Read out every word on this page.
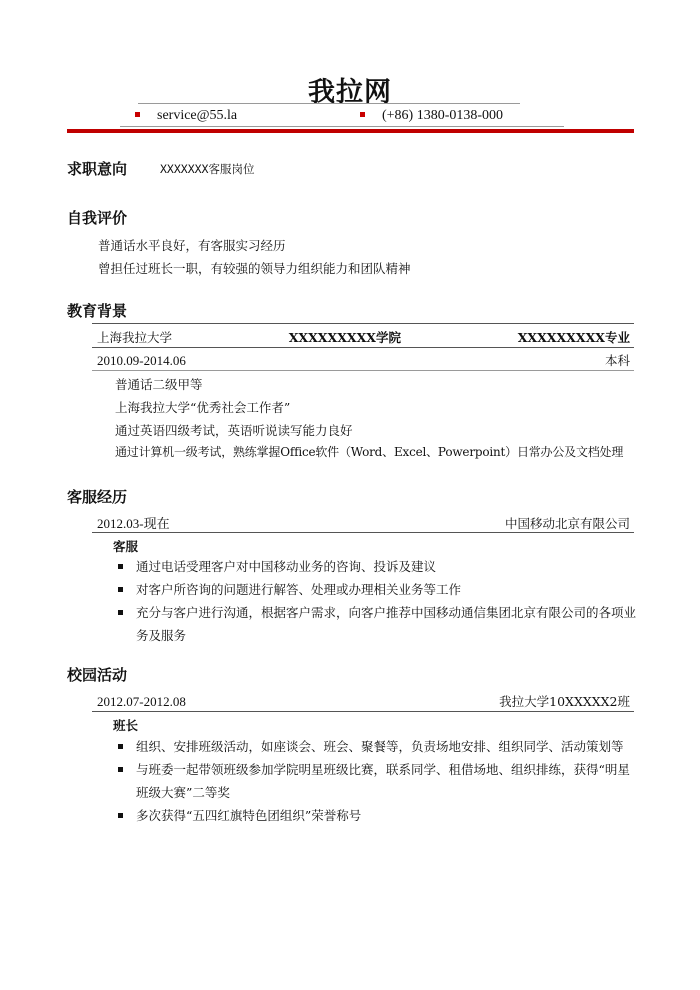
我拉网
service@55.la	(+86) 1380-0138-000
求职意向	XXXXXXX客服岗位
自我评价
普通话水平良好，有客服实习经历
曾担任过班长一职，有较强的领导力组织能力和团队精神
教育背景
上海我拉大学	XXXXXXXXX学院	XXXXXXXXX专业
2010.09-2014.06	本科
普通话二级甲等
上海我拉大学“优秀社会工作者”
通过英语四级考试，英语听说读写能力良好
通过计算机一级考试，熟练掌握Office软件（Word、Excel、Powerpoint）日常办公及文档处理
客服经历
2012.03-现在	中国移动北京有限公司
客服
通过电话受理客户对中国移动业务的咨询、投诉及建议
对客户所咨询的问题进行解答、处理或办理相关业务等工作
充分与客户进行沟通，根据客户需求，向客户推荐中国移动通信集团北京有限公司的各项业务及服务
校园活动
2012.07-2012.08	我拉大学10XXXXX2班
班长
组织、安排班级活动，如座谈会、班会、聚餐等，负责场地安排、组织同学、活动策划等
与班委一起带领班级参加学院明星班级比赛，联系同学、租借场地、组织排练，获得“明星班级大赛”二等奖
多次获得“五四红旗特色团组织”荣誉称号
